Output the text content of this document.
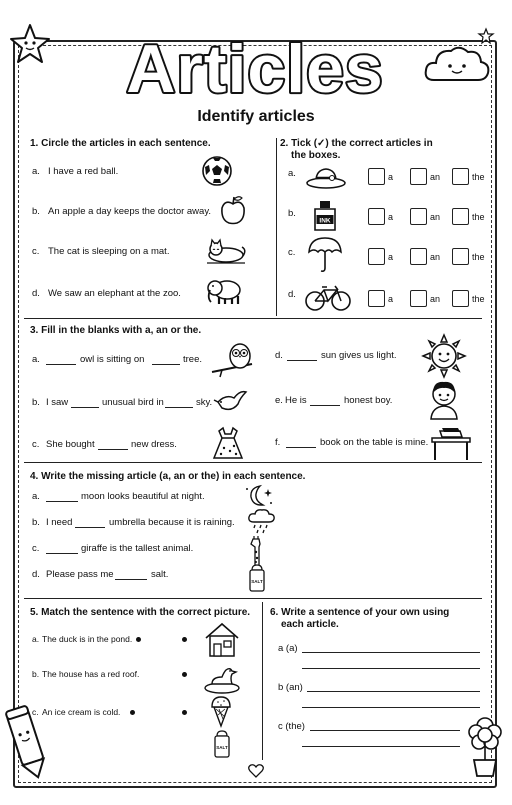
Articles
Identify articles
1. Circle the articles in each sentence.
a. I have a red ball.
b. An apple a day keeps the doctor away.
c. The cat is sleeping on a mat.
d. We saw an elephant at the zoo.
2. Tick (✓) the correct articles in
the boxes.
a.
b.
c.
d.
INK
a	an	the
a	an	the
a	an	the
a	an	the
3. Fill in the blanks with a, an or the.
a.	owl is sitting on	tree.
b. I saw	unusual bird in	sky.
c. She bought	new dress.
d.	sun gives us light.
e. He is	honest boy.
f.	book on the table is mine.
4. Write the missing article (a, an or the) in each sentence.
a.	moon looks beautiful at night.
b. I need	umbrella because it is raining.
c.	giraffe is the tallest animal.
d. Please pass me	salt.
SALT
5. Match the sentence with the correct picture.
a. The duck is in the pond.
b. The house has a red roof.
c. An ice cream is cold.
SALT
6. Write a sentence of your own using
each article.
a (a)
b (an)
c (the)
